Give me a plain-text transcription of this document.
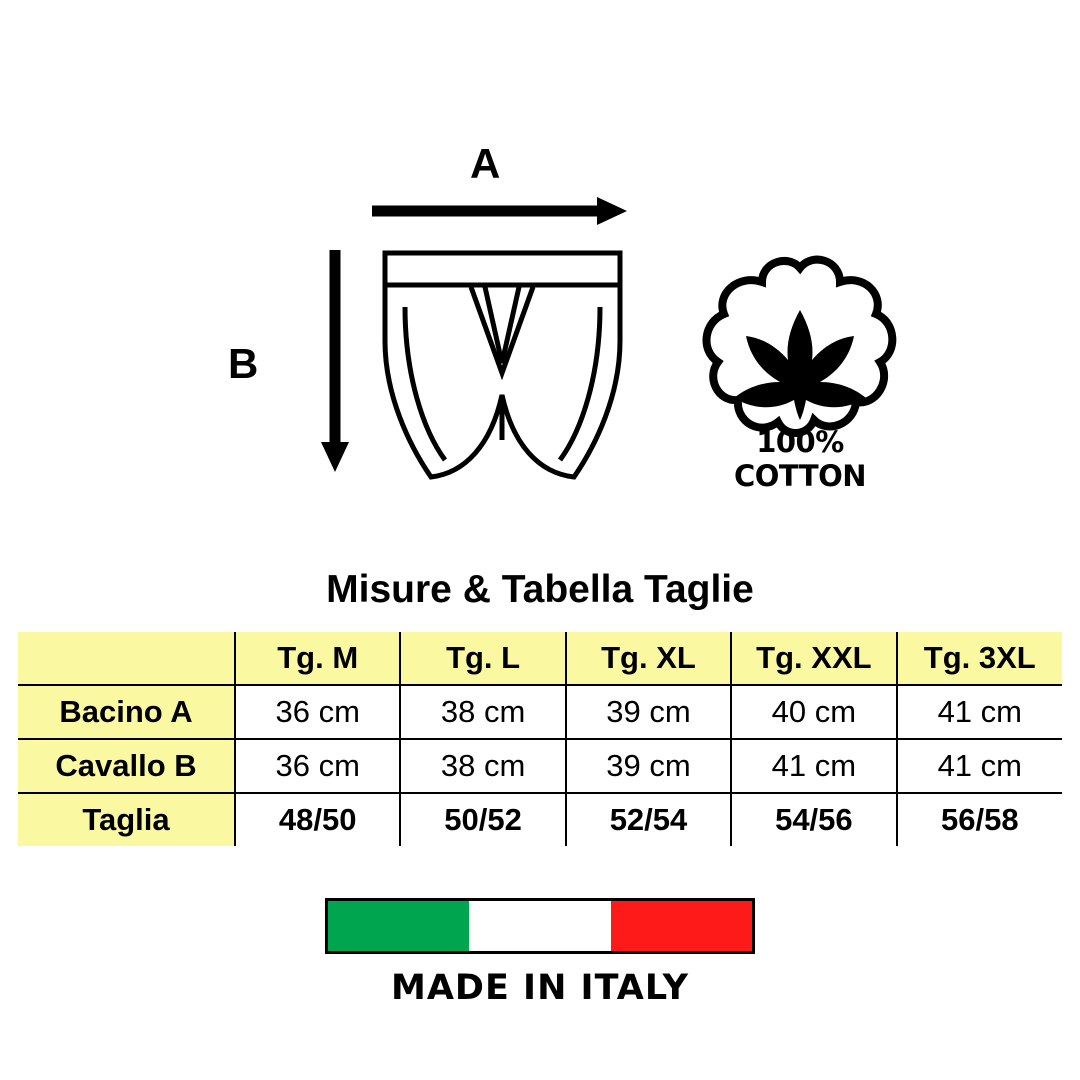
A
B
100% COTTON
Misure & Tabella Taglie
	Tg. M	Tg. L	Tg. XL	Tg. XXL	Tg. 3XL
Bacino A	36 cm	38 cm	39 cm	40 cm	41 cm
Cavallo B	36 cm	38 cm	39 cm	41 cm	41 cm
Taglia	48/50	50/52	52/54	54/56	56/58
MADE IN ITALY
